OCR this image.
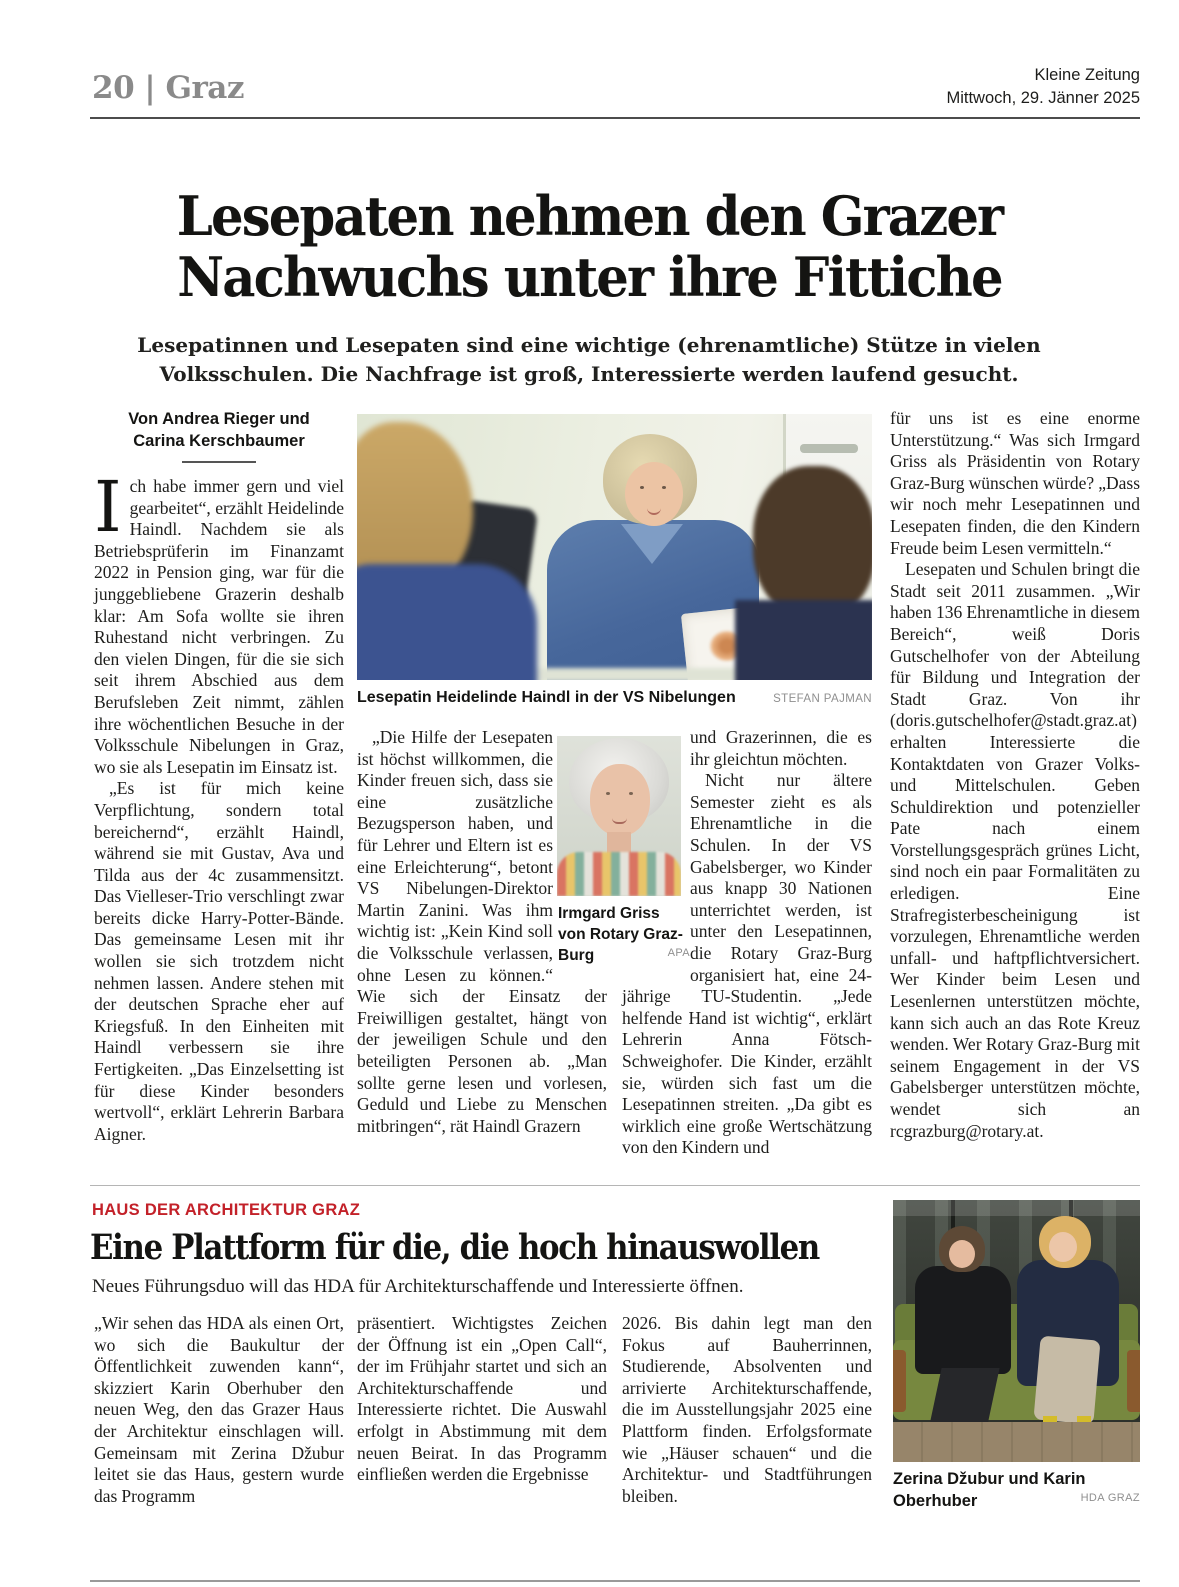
20 | Graz	Kleine Zeitung
Mittwoch, 29. Jänner 2025
Lesepaten nehmen den Grazer
Nachwuchs unter ihre Fittiche
Lesepatinnen und Lesepaten sind eine wichtige (ehrenamtliche) Stütze in vielen Volksschulen. Die Nachfrage ist groß, Interessierte werden laufend gesucht.
Von Andrea Rieger und
Carina Kerschbaumer
Ich habe immer gern und viel gearbeitet“, erzählt Heidelinde Haindl. Nachdem sie als Betriebsprüferin im Finanzamt 2022 in Pension ging, war für die junggebliebene Grazerin deshalb klar: Am Sofa wollte sie ihren Ruhestand nicht verbringen. Zu den vielen Dingen, für die sie sich seit ihrem Abschied aus dem Berufsleben Zeit nimmt, zählen ihre wöchentlichen Besuche in der Volksschule Nibelungen in Graz, wo sie als Lesepatin im Einsatz ist.
„Es ist für mich keine Verpflichtung, sondern total bereichernd“, erzählt Haindl, während sie mit Gustav, Ava und Tilda aus der 4c zusammensitzt. Das Vielleser-Trio verschlingt zwar bereits dicke Harry-Potter-Bände. Das gemeinsame Lesen mit ihr wollen sie sich trotzdem nicht nehmen lassen. Andere stehen mit der deutschen Sprache eher auf Kriegsfuß. In den Einheiten mit Haindl verbessern sie ihre Fertigkeiten. „Das Einzelsetting ist für diese Kinder besonders wertvoll“, erklärt Lehrerin Barbara Aigner.
Lesepatin Heidelinde Haindl in der VS Nibelungen	STEFAN PAJMAN
„Die Hilfe der Lesepaten ist höchst willkommen, die Kinder freuen sich, dass sie eine zusätzliche Bezugsperson haben, und für Lehrer und Eltern ist es eine Erleichterung“, betont VS Nibelungen-Direktor Martin Zanini. Was ihm wichtig ist: „Kein Kind soll die Volksschule verlassen, ohne Lesen zu können.“ Wie sich der Einsatz der Freiwilligen gestaltet, hängt von der jeweiligen Schule und den beteiligten Personen ab. „Man sollte gerne lesen und vorlesen, Geduld und Liebe zu Menschen mitbringen“, rät Haindl Grazern
Irmgard Griss von Rotary Graz-Burg	APA
und Grazerinnen, die es ihr gleichtun möchten.
Nicht nur ältere Semester zieht es als Ehrenamtliche in die Schulen. In der VS Gabelsberger, wo Kinder aus knapp 30 Nationen unterrichtet werden, ist unter den Lesepatinnen, die Rotary Graz-Burg organisiert hat, eine 24-jährige TU-Studentin. „Jede helfende Hand ist wichtig“, erklärt Lehrerin Anna Fötsch-Schweighofer. Die Kinder, erzählt sie, würden sich fast um die Lesepatinnen streiten. „Da gibt es wirklich eine große Wertschätzung von den Kindern und
für uns ist es eine enorme Unterstützung.“ Was sich Irmgard Griss als Präsidentin von Rotary Graz-Burg wünschen würde? „Dass wir noch mehr Lesepatinnen und Lesepaten finden, die den Kindern Freude beim Lesen vermitteln.“
Lesepaten und Schulen bringt die Stadt seit 2011 zusammen. „Wir haben 136 Ehrenamtliche in diesem Bereich“, weiß Doris Gutschelhofer von der Abteilung für Bildung und Integration der Stadt Graz. Von ihr (doris.gutschelhofer@stadt.graz.at) erhalten Interessierte die Kontaktdaten von Grazer Volks- und Mittelschulen. Geben Schuldirektion und potenzieller Pate nach einem Vorstellungsgespräch grünes Licht, sind noch ein paar Formalitäten zu erledigen. Eine Strafregisterbescheinigung ist vorzulegen, Ehrenamtliche werden unfall- und haftpflichtversichert. Wer Kinder beim Lesen und Lesenlernen unterstützen möchte, kann sich auch an das Rote Kreuz wenden. Wer Rotary Graz-Burg mit seinem Engagement in der VS Gabelsberger unterstützen möchte, wendet sich an rcgrazburg@rotary.at.
HAUS DER ARCHITEKTUR GRAZ
Eine Plattform für die, die hoch hinauswollen
Neues Führungsduo will das HDA für Architekturschaffende und Interessierte öffnen.
„Wir sehen das HDA als einen Ort, wo sich die Baukultur der Öffentlichkeit zuwenden kann“, skizziert Karin Oberhuber den neuen Weg, den das Grazer Haus der Architektur einschlagen will. Gemeinsam mit Zerina Džubur leitet sie das Haus, gestern wurde das Programm
präsentiert. Wichtigstes Zeichen der Öffnung ist ein „Open Call“, der im Frühjahr startet und sich an Architekturschaffende und Interessierte richtet. Die Auswahl erfolgt in Abstimmung mit dem neuen Beirat. In das Programm einfließen werden die Ergebnisse
2026. Bis dahin legt man den Fokus auf Bauherrinnen, Studierende, Absolventen und arrivierte Architekturschaffende, die im Ausstellungsjahr 2025 eine Plattform finden. Erfolgsformate wie „Häuser schauen“ und die Architektur- und Stadtführungen bleiben.
Zerina Džubur und Karin Oberhuber	HDA GRAZ
